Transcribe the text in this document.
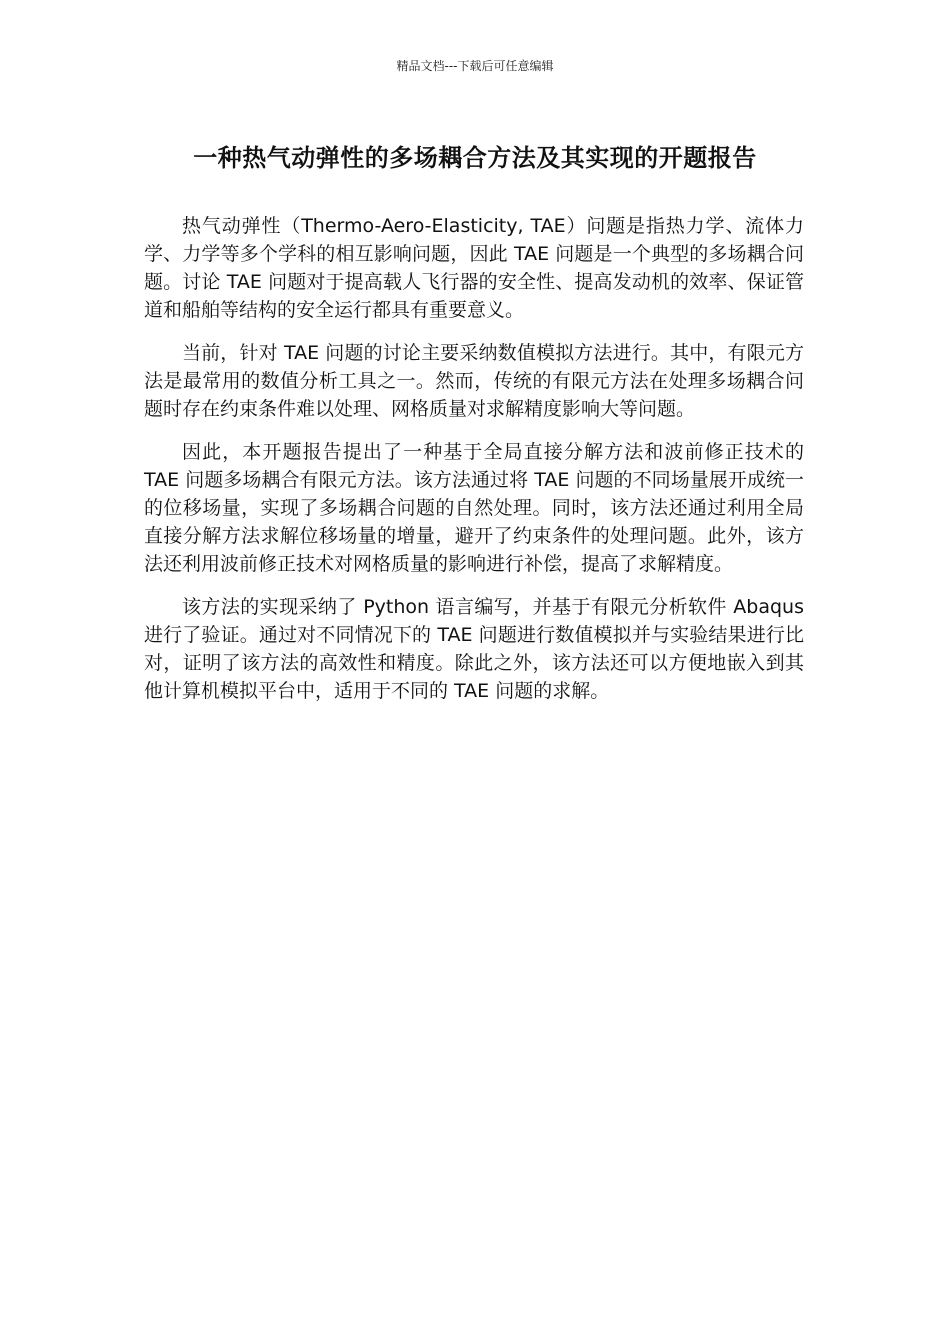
精品文档---下载后可任意编辑
一种热气动弹性的多场耦合方法及其实现的开题报告

热气动弹性（Thermo-Aero-Elasticity, TAE）问题是指热力学、流体力学、力学等多个学科的相互影响问题，因此 TAE 问题是一个典型的多场耦合问题。讨论 TAE 问题对于提高载人飞行器的安全性、提高发动机的效率、保证管道和船舶等结构的安全运行都具有重要意义。

当前，针对 TAE 问题的讨论主要采纳数值模拟方法进行。其中，有限元方法是最常用的数值分析工具之一。然而，传统的有限元方法在处理多场耦合问题时存在约束条件难以处理、网格质量对求解精度影响大等问题。

因此，本开题报告提出了一种基于全局直接分解方法和波前修正技术的 TAE 问题多场耦合有限元方法。该方法通过将 TAE 问题的不同场量展开成统一的位移场量，实现了多场耦合问题的自然处理。同时，该方法还通过利用全局直接分解方法求解位移场量的增量，避开了约束条件的处理问题。此外，该方法还利用波前修正技术对网格质量的影响进行补偿，提高了求解精度。

该方法的实现采纳了 Python 语言编写，并基于有限元分析软件 Abaqus 进行了验证。通过对不同情况下的 TAE 问题进行数值模拟并与实验结果进行比对，证明了该方法的高效性和精度。除此之外，该方法还可以方便地嵌入到其他计算机模拟平台中，适用于不同的 TAE 问题的求解。
